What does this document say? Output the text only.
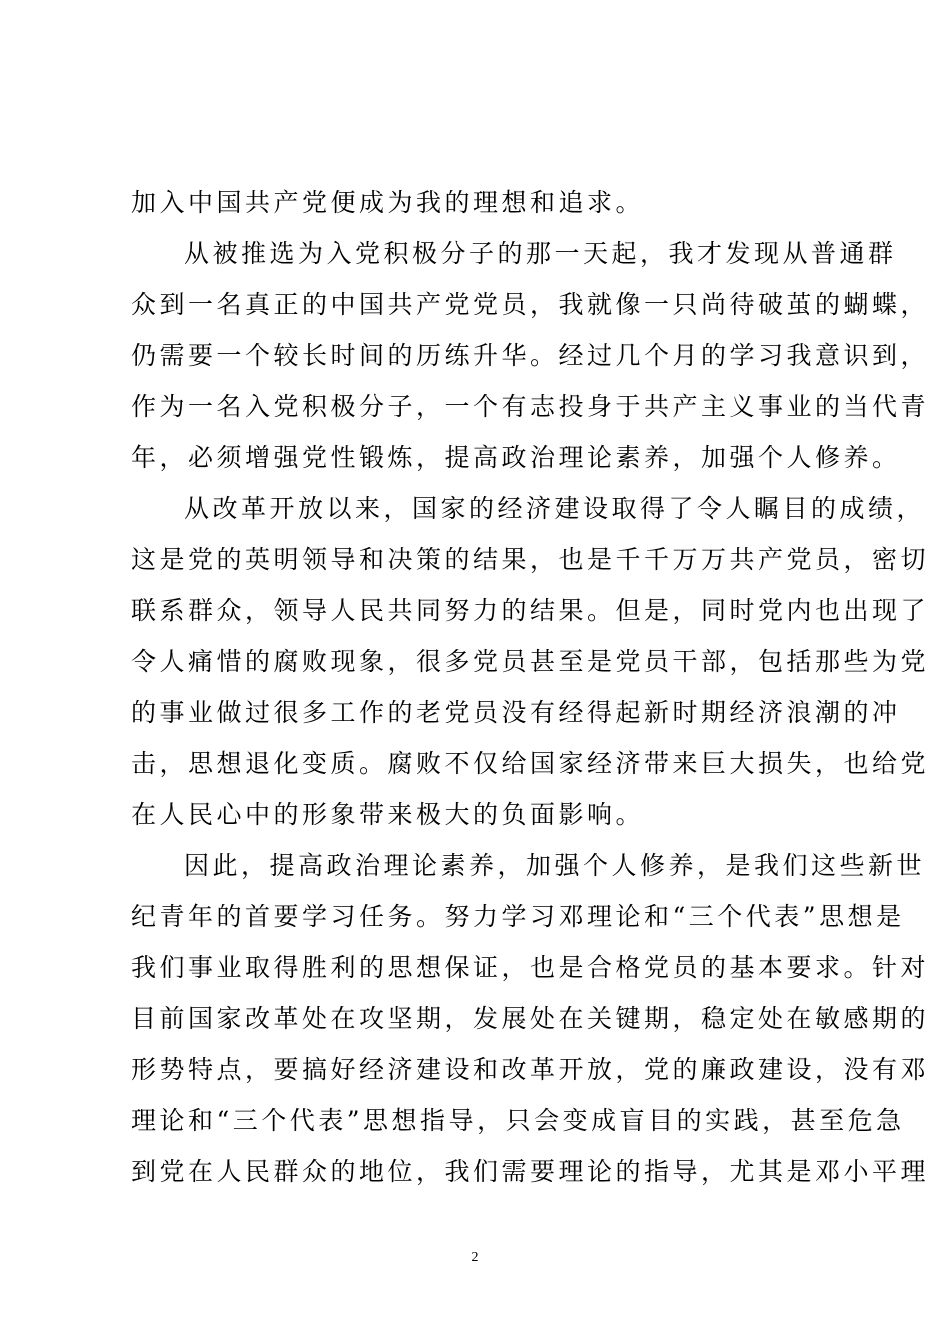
加入中国共产党便成为我的理想和追求。
从被推选为入党积极分子的那一天起，我才发现从普通群
众到一名真正的中国共产党党员，我就像一只尚待破茧的蝴蝶，
仍需要一个较长时间的历练升华。经过几个月的学习我意识到，
作为一名入党积极分子，一个有志投身于共产主义事业的当代青
年，必须增强党性锻炼，提高政治理论素养，加强个人修养。
从改革开放以来，国家的经济建设取得了令人瞩目的成绩，
这是党的英明领导和决策的结果，也是千千万万共产党员，密切
联系群众，领导人民共同努力的结果。但是，同时党内也出现了
令人痛惜的腐败现象，很多党员甚至是党员干部，包括那些为党
的事业做过很多工作的老党员没有经得起新时期经济浪潮的冲
击，思想退化变质。腐败不仅给国家经济带来巨大损失，也给党
在人民心中的形象带来极大的负面影响。
因此，提高政治理论素养，加强个人修养，是我们这些新世
纪青年的首要学习任务。努力学习邓理论和“三个代表”思想是
我们事业取得胜利的思想保证，也是合格党员的基本要求。针对
目前国家改革处在攻坚期，发展处在关键期，稳定处在敏感期的
形势特点，要搞好经济建设和改革开放，党的廉政建设，没有邓
理论和“三个代表”思想指导，只会变成盲目的实践，甚至危急
到党在人民群众的地位，我们需要理论的指导，尤其是邓小平理
2
